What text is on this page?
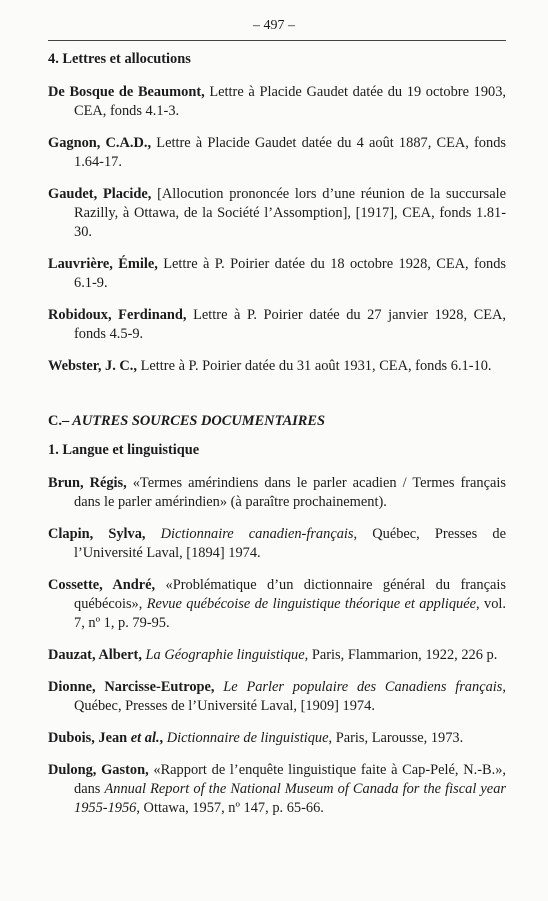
– 497 –
4. Lettres et allocutions

De Bosque de Beaumont, Lettre à Placide Gaudet datée du 19 octobre 1903, CEA, fonds 4.1-3.

Gagnon, C.A.D., Lettre à Placide Gaudet datée du 4 août 1887, CEA, fonds 1.64-17.

Gaudet, Placide, [Allocution prononcée lors d’une réunion de la succursale Razilly, à Ottawa, de la Société l’Assomption], [1917], CEA, fonds 1.81-30.

Lauvrière, Émile, Lettre à P. Poirier datée du 18 octobre 1928, CEA, fonds 6.1-9.

Robidoux, Ferdinand, Lettre à P. Poirier datée du 27 janvier 1928, CEA, fonds 4.5-9.

Webster, J. C., Lettre à P. Poirier datée du 31 août 1931, CEA, fonds 6.1-10.

C.– AUTRES SOURCES DOCUMENTAIRES
1. Langue et linguistique

Brun, Régis, «Termes amérindiens dans le parler acadien / Termes français dans le parler amérindien» (à paraître prochainement).

Clapin, Sylva, Dictionnaire canadien-français, Québec, Presses de l’Université Laval, [1894] 1974.

Cossette, André, «Problématique d’un dictionnaire général du français québécois», Revue québécoise de linguistique théorique et appliquée, vol. 7, nº 1, p. 79-95.

Dauzat, Albert, La Géographie linguistique, Paris, Flammarion, 1922, 226 p.

Dionne, Narcisse-Eutrope, Le Parler populaire des Canadiens français, Québec, Presses de l’Université Laval, [1909] 1974.

Dubois, Jean et al., Dictionnaire de linguistique, Paris, Larousse, 1973.

Dulong, Gaston, «Rapport de l’enquête linguistique faite à Cap-Pelé, N.-B.», dans Annual Report of the National Museum of Canada for the fiscal year 1955-1956, Ottawa, 1957, nº 147, p. 65-66.
